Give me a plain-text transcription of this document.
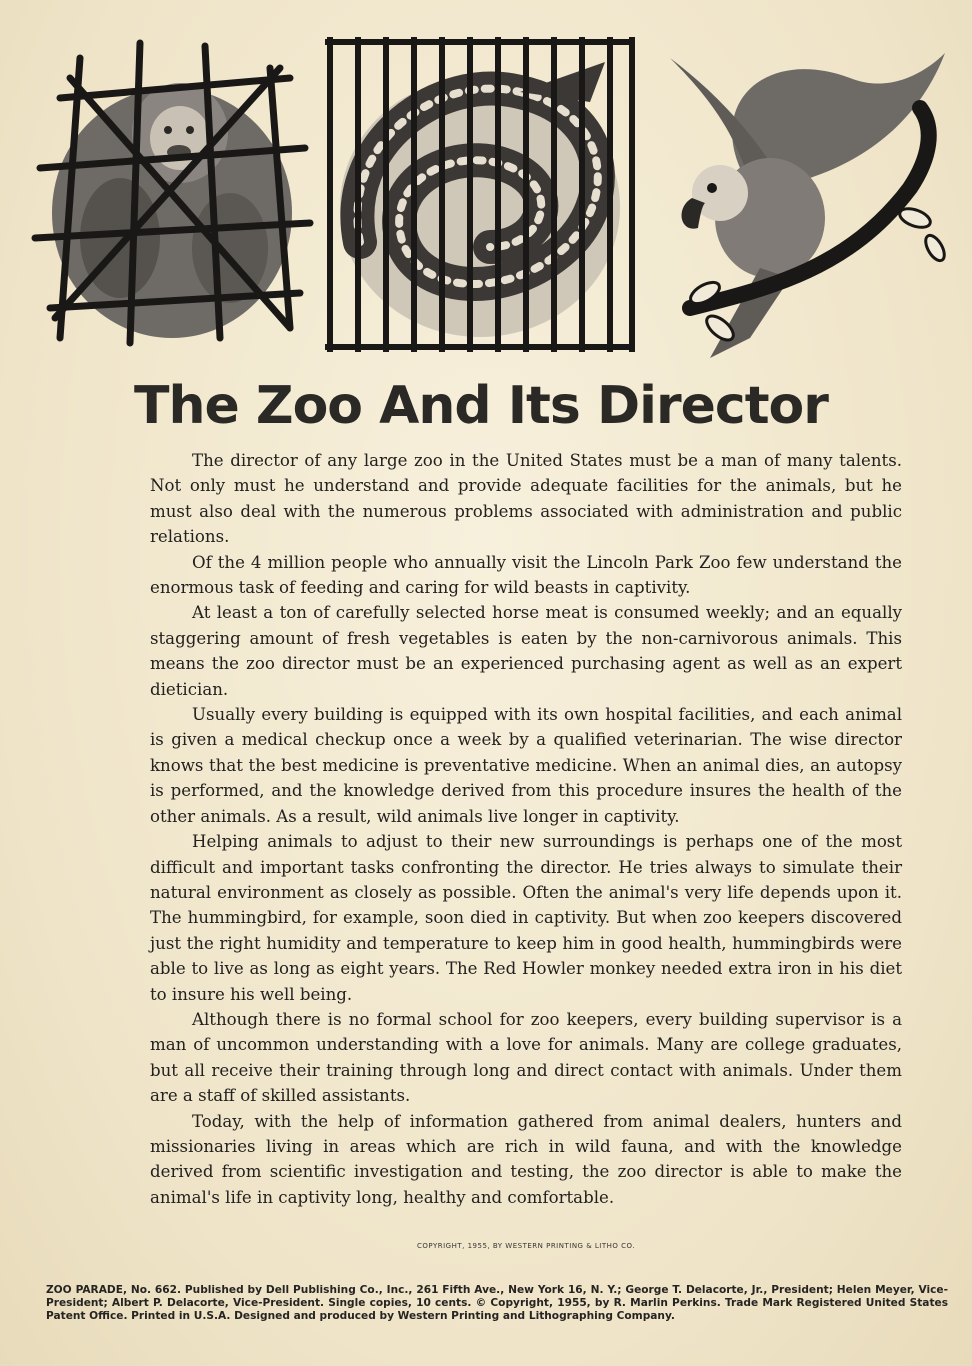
The Zoo And Its Director

The director of any large zoo in the United States must be a man of many talents. Not only must he understand and provide adequate facilities for the animals, but he must also deal with the numerous problems associated with administration and public relations.

Of the 4 million people who annually visit the Lincoln Park Zoo few understand the enormous task of feeding and caring for wild beasts in captivity.

At least a ton of carefully selected horse meat is consumed weekly; and an equally staggering amount of fresh vegetables is eaten by the non-carnivorous animals. This means the zoo director must be an experienced purchasing agent as well as an expert dietician.

Usually every building is equipped with its own hospital facilities, and each animal is given a medical checkup once a week by a qualified veterinarian. The wise director knows that the best medicine is preventative medicine. When an animal dies, an autopsy is performed, and the knowledge derived from this procedure insures the health of the other animals. As a result, wild animals live longer in captivity.

Helping animals to adjust to their new surroundings is perhaps one of the most difficult and important tasks confronting the director. He tries always to simulate their natural environment as closely as possible. Often the animal's very life depends upon it. The hummingbird, for example, soon died in captivity. But when zoo keepers discovered just the right humidity and temperature to keep him in good health, hummingbirds were able to live as long as eight years. The Red Howler monkey needed extra iron in his diet to insure his well being.

Although there is no formal school for zoo keepers, every building supervisor is a man of uncommon understanding with a love for animals. Many are college graduates, but all receive their training through long and direct contact with animals. Under them are a staff of skilled assistants.

Today, with the help of information gathered from animal dealers, hunters and missionaries living in areas which are rich in wild fauna, and with the knowledge derived from scientific investigation and testing, the zoo director is able to make the animal's life in captivity long, healthy and comfortable.

COPYRIGHT, 1955, BY WESTERN PRINTING & LITHO CO.
ZOO PARADE, No. 662. Published by Dell Publishing Co., Inc., 261 Fifth Ave., New York 16, N. Y.; George T. Delacorte, Jr., President; Helen Meyer, Vice-President; Albert P. Delacorte, Vice-President. Single copies, 10 cents. © Copyright, 1955, by R. Marlin Perkins. Trade Mark Registered United States Patent Office. Printed in U.S.A. Designed and produced by Western Printing and Lithographing Company.
